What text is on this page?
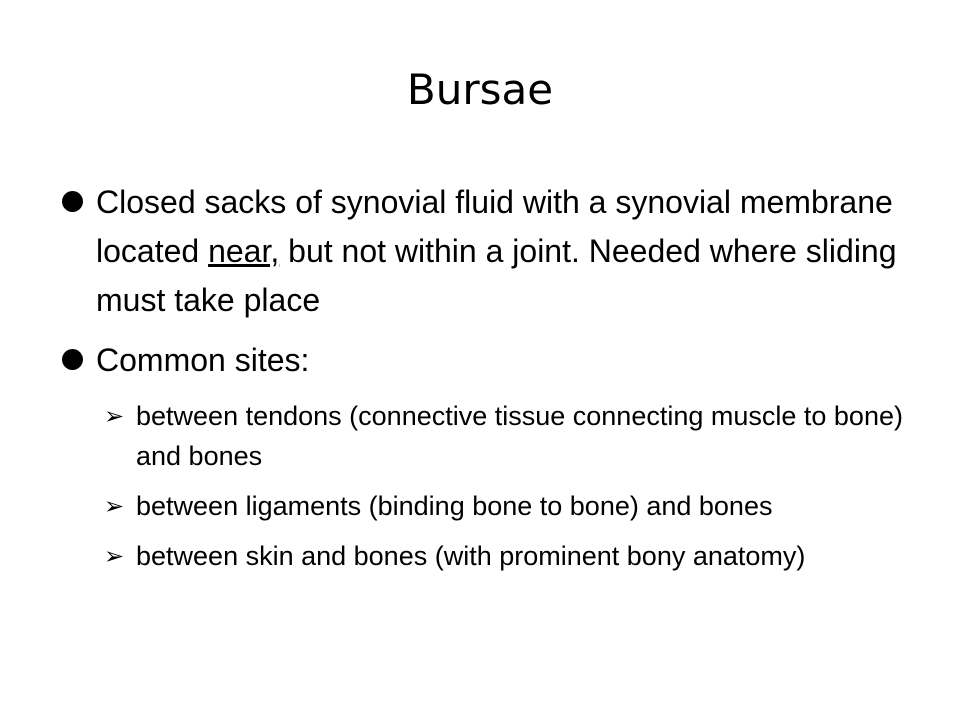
Bursae
Closed sacks of synovial fluid with a synovial membrane located near, but not within a joint. Needed where sliding must take place
Common sites:
➢ between tendons (connective tissue connecting muscle to bone) and bones
➢ between ligaments (binding bone to bone) and bones
➢ between skin and bones (with prominent bony anatomy)
